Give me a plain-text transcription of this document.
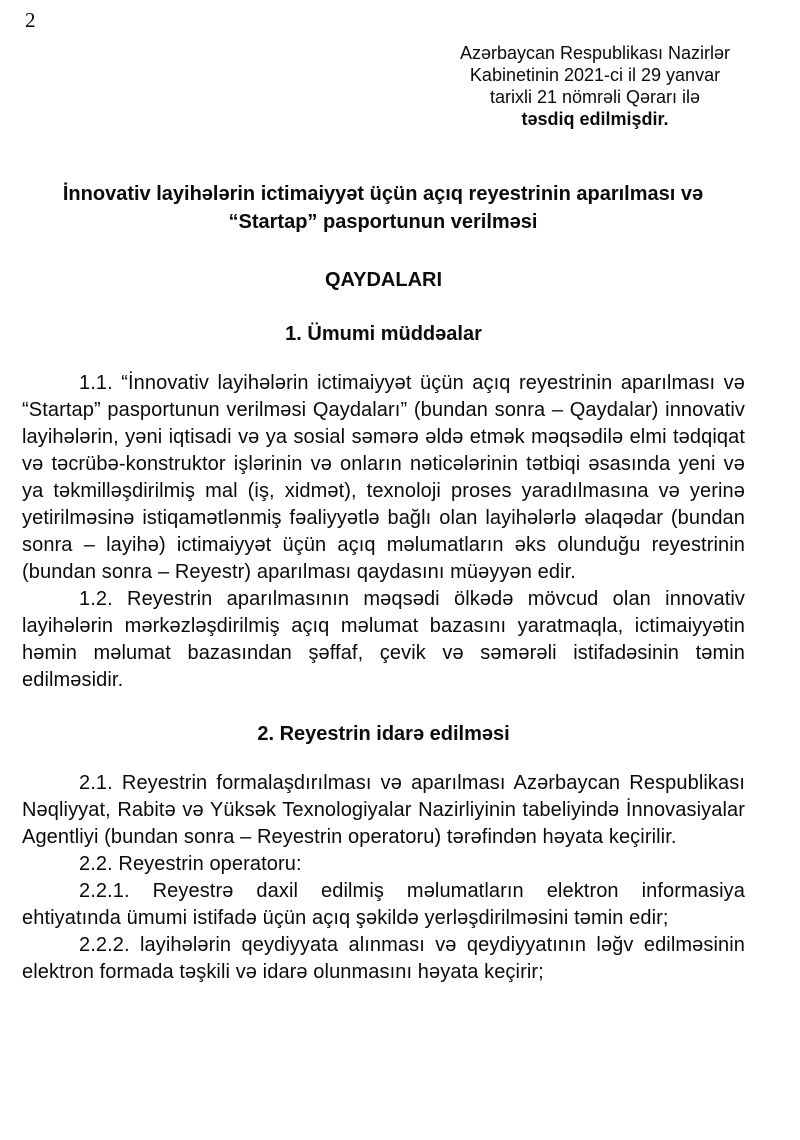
2
Azərbaycan Respublikası Nazirlər
Kabinetinin 2021-ci il 29 yanvar
tarixli 21 nömrəli Qərarı ilə
təsdiq edilmişdir.
İnnovativ layihələrin ictimaiyyət üçün açıq reyestrinin aparılması və “Startap” pasportunun verilməsi
QAYDALARI
1. Ümumi müddəalar

1.1. “İnnovativ layihələrin ictimaiyyət üçün açıq reyestrinin aparılması və “Startap” pasportunun verilməsi Qaydaları” (bundan sonra – Qaydalar) innovativ layihələrin, yəni iqtisadi və ya sosial səmərə əldə etmək məqsədilə elmi tədqiqat və təcrübə-konstruktor işlərinin və onların nəticələrinin tətbiqi əsasında yeni və ya təkmilləşdirilmiş mal (iş, xidmət), texnoloji proses yaradılmasına və yerinə yetirilməsinə istiqamətlənmiş fəaliyyətlə bağlı olan layihələrlə əlaqədar (bundan sonra – layihə) ictimaiyyət üçün açıq məlumatların əks olunduğu reyestrinin (bundan sonra – Reyestr) aparılması qaydasını müəyyən edir.

1.2. Reyestrin aparılmasının məqsədi ölkədə mövcud olan innovativ layihələrin mərkəzləşdirilmiş açıq məlumat bazasını yaratmaqla, ictimaiyyətin həmin məlumat bazasından şəffaf, çevik və səmərəli istifadəsinin təmin edilməsidir.

2. Reyestrin idarə edilməsi

2.1. Reyestrin formalaşdırılması və aparılması Azərbaycan Respublikası Nəqliyyat, Rabitə və Yüksək Texnologiyalar Nazirliyinin tabeliyində İnnovasiyalar Agentliyi (bundan sonra – Reyestrin operatoru) tərəfindən həyata keçirilir.

2.2. Reyestrin operatoru:

2.2.1. Reyestrə daxil edilmiş məlumatların elektron informasiya ehtiyatında ümumi istifadə üçün açıq şəkildə yerləşdirilməsini təmin edir;

2.2.2. layihələrin qeydiyyata alınması və qeydiyyatının ləğv edilməsinin elektron formada təşkili və idarə olunmasını həyata keçirir;
